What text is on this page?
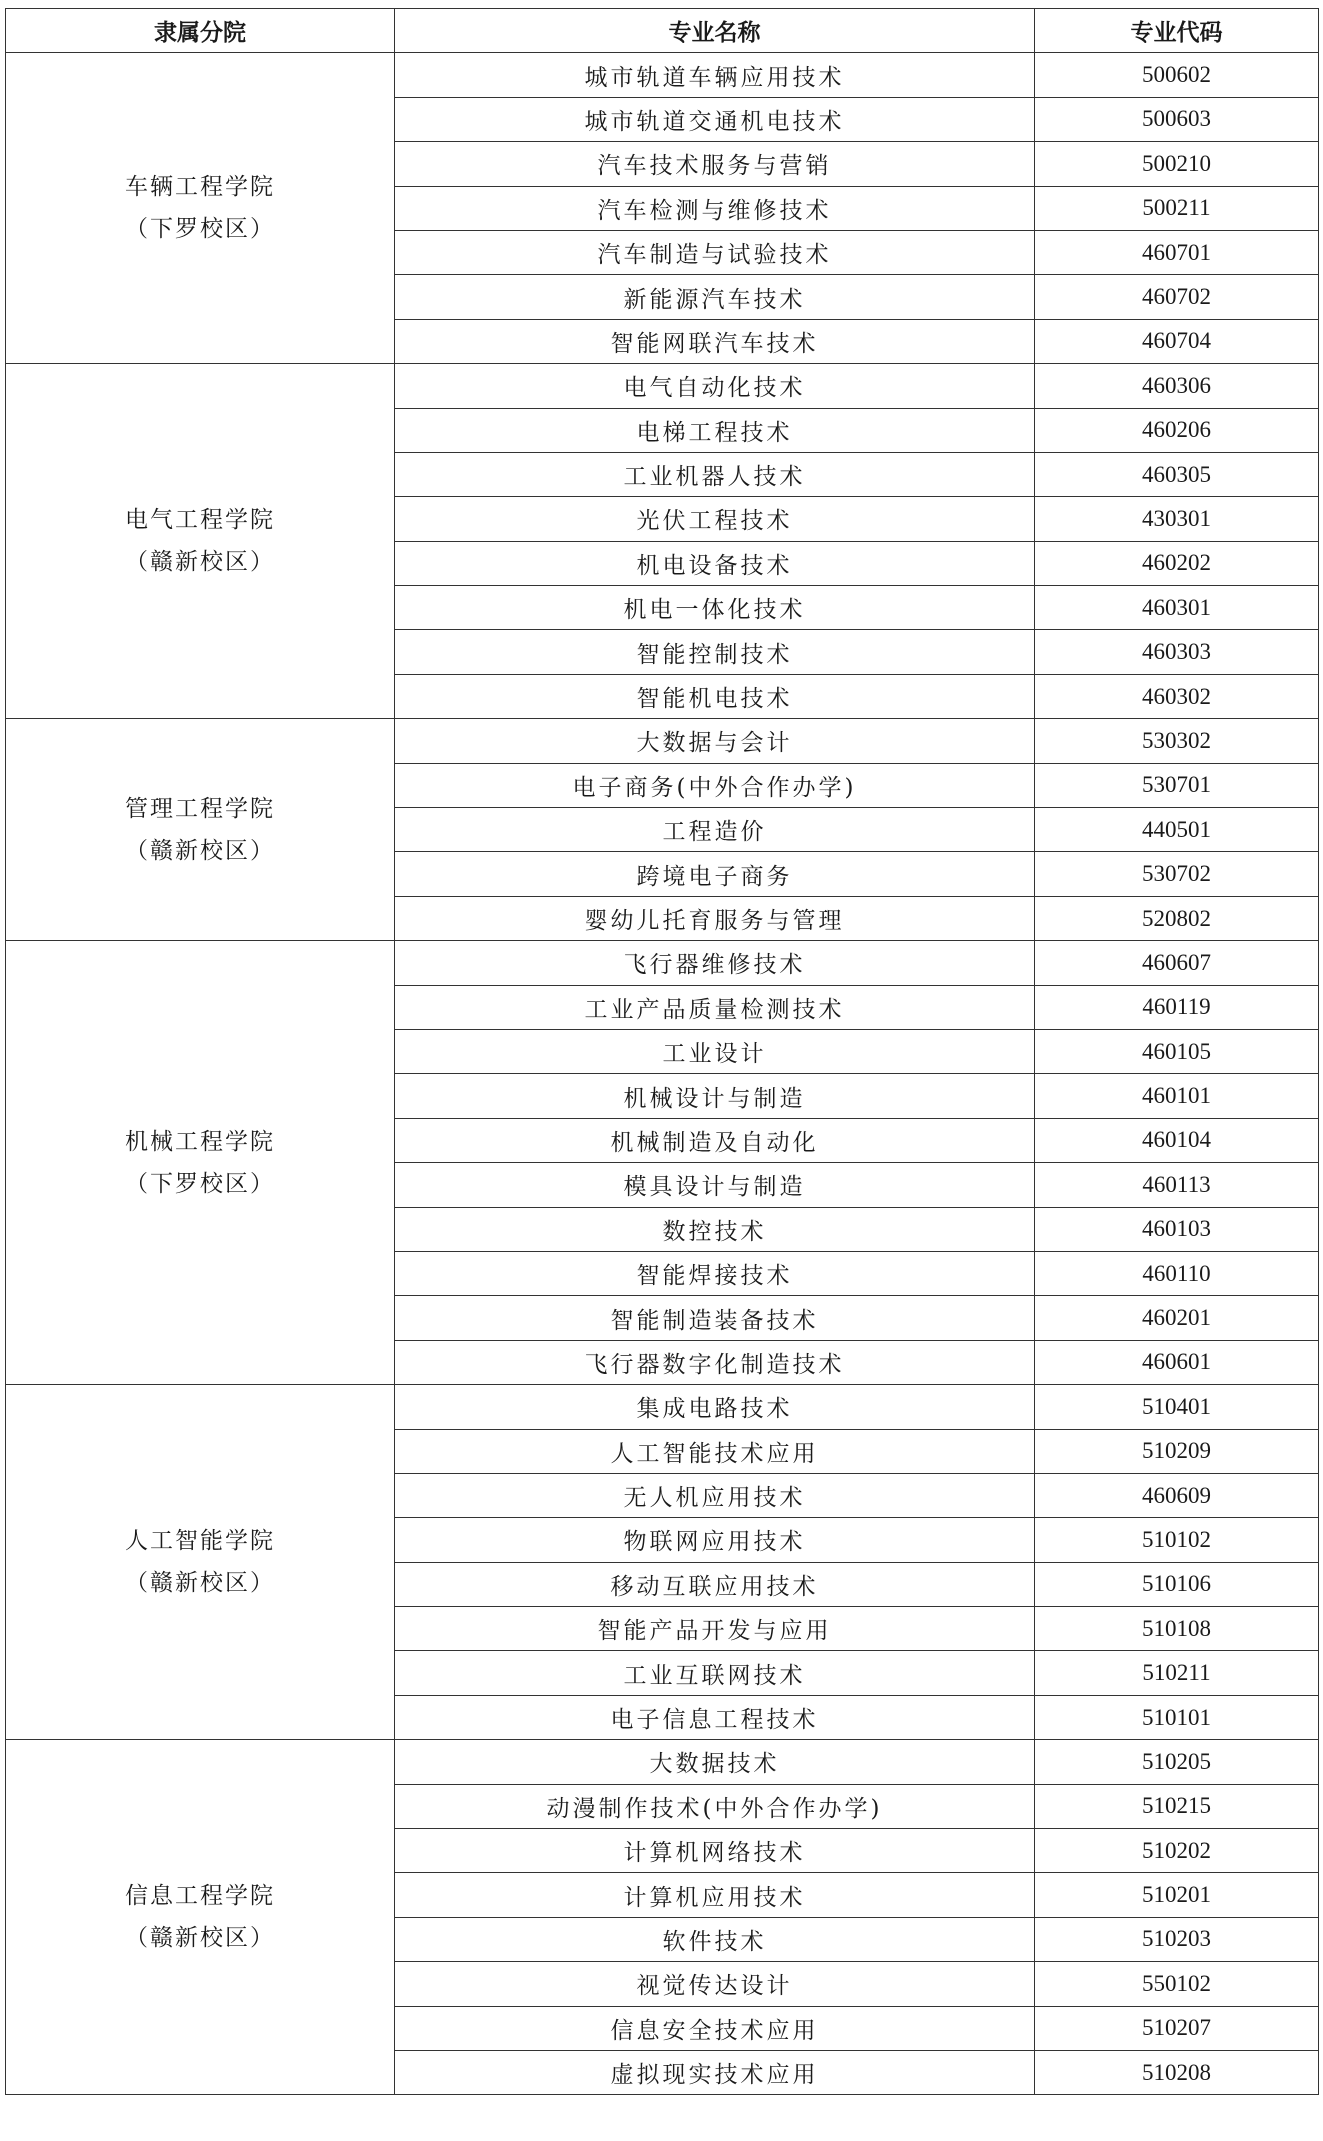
隶属分院	专业名称	专业代码

车辆工程学院
（下罗校区）	城市轨道车辆应用技术	500602
	城市轨道交通机电技术	500603
	汽车技术服务与营销	500210
	汽车检测与维修技术	500211
	汽车制造与试验技术	460701
	新能源汽车技术	460702
	智能网联汽车技术	460704

电气工程学院
（赣新校区）	电气自动化技术	460306
	电梯工程技术	460206
	工业机器人技术	460305
	光伏工程技术	430301
	机电设备技术	460202
	机电一体化技术	460301
	智能控制技术	460303
	智能机电技术	460302

管理工程学院
（赣新校区）	大数据与会计	530302
	电子商务(中外合作办学)	530701
	工程造价	440501
	跨境电子商务	530702
	婴幼儿托育服务与管理	520802

机械工程学院
（下罗校区）	飞行器维修技术	460607
	工业产品质量检测技术	460119
	工业设计	460105
	机械设计与制造	460101
	机械制造及自动化	460104
	模具设计与制造	460113
	数控技术	460103
	智能焊接技术	460110
	智能制造装备技术	460201
	飞行器数字化制造技术	460601

人工智能学院
（赣新校区）	集成电路技术	510401
	人工智能技术应用	510209
	无人机应用技术	460609
	物联网应用技术	510102
	移动互联应用技术	510106
	智能产品开发与应用	510108
	工业互联网技术	510211
	电子信息工程技术	510101

信息工程学院
（赣新校区）	大数据技术	510205
	动漫制作技术(中外合作办学)	510215
	计算机网络技术	510202
	计算机应用技术	510201
	软件技术	510203
	视觉传达设计	550102
	信息安全技术应用	510207
	虚拟现实技术应用	510208
